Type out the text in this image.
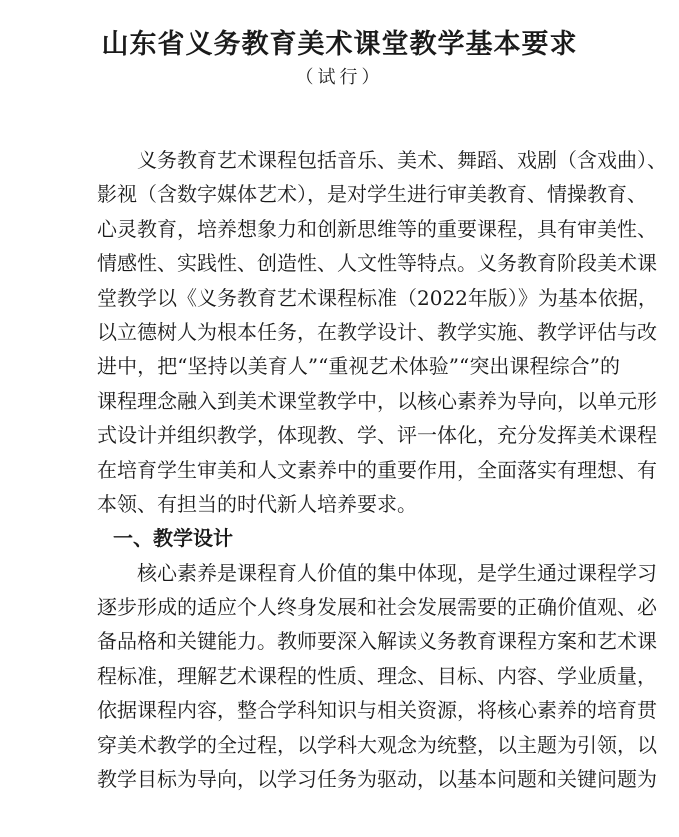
山东省义务教育美术课堂教学基本要求
（试行）
义务教育艺术课程包括音乐、美术、舞蹈、戏剧（含戏曲）、
影视（含数字媒体艺术），是对学生进行审美教育、情操教育、
心灵教育，培养想象力和创新思维等的重要课程，具有审美性、
情感性、实践性、创造性、人文性等特点。义务教育阶段美术课
堂教学以《义务教育艺术课程标准（2022年版）》为基本依据，
以立德树人为根本任务，在教学设计、教学实施、教学评估与改
进中，把“坚持以美育人”“重视艺术体验”“突出课程综合”的
课程理念融入到美术课堂教学中，以核心素养为导向，以单元形
式设计并组织教学，体现教、学、评一体化，充分发挥美术课程
在培育学生审美和人文素养中的重要作用，全面落实有理想、有
本领、有担当的时代新人培养要求。
一、教学设计
核心素养是课程育人价值的集中体现，是学生通过课程学习
逐步形成的适应个人终身发展和社会发展需要的正确价值观、必
备品格和关键能力。教师要深入解读义务教育课程方案和艺术课
程标准，理解艺术课程的性质、理念、目标、内容、学业质量，
依据课程内容，整合学科知识与相关资源，将核心素养的培育贯
穿美术教学的全过程，以学科大观念为统整，以主题为引领，以
教学目标为导向，以学习任务为驱动，以基本问题和关键问题为
